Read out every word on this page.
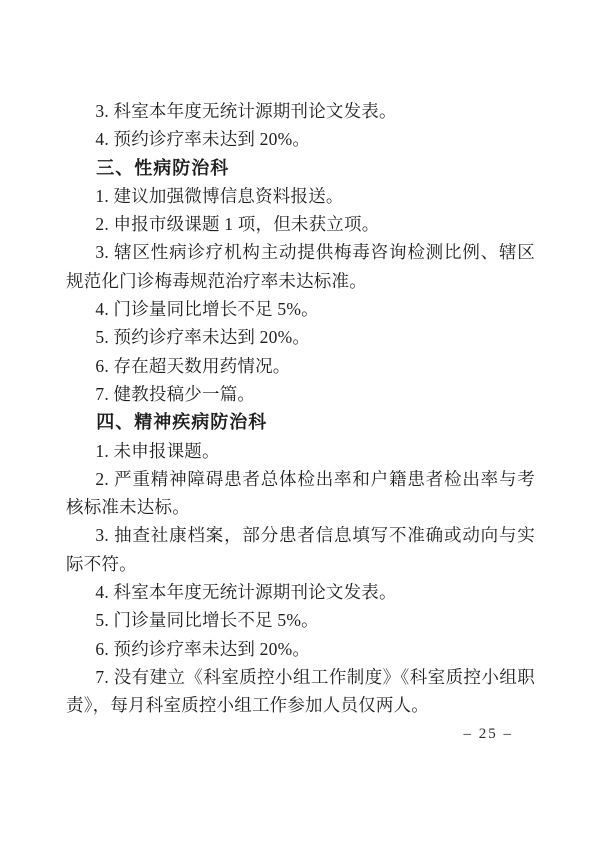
3. 科室本年度无统计源期刊论文发表。

4. 预约诊疗率未达到 20%。

三、性病防治科

1. 建议加强微博信息资料报送。

2. 申报市级课题 1 项，但未获立项。

3. 辖区性病诊疗机构主动提供梅毒咨询检测比例、辖区规范化门诊梅毒规范治疗率未达标准。

4. 门诊量同比增长不足 5%。

5. 预约诊疗率未达到 20%。

6. 存在超天数用药情况。

7. 健教投稿少一篇。

四、精神疾病防治科

1. 未申报课题。

2. 严重精神障碍患者总体检出率和户籍患者检出率与考核标准未达标。

3. 抽查社康档案，部分患者信息填写不准确或动向与实际不符。

4. 科室本年度无统计源期刊论文发表。

5. 门诊量同比增长不足 5%。

6. 预约诊疗率未达到 20%。

7. 没有建立《科室质控小组工作制度》《科室质控小组职责》，每月科室质控小组工作参加人员仅两人。

– 25 –
